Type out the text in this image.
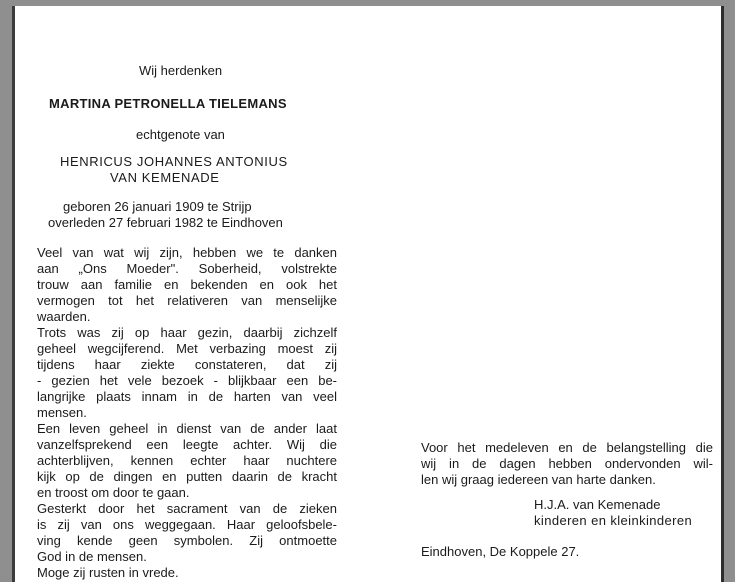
Wij herdenken
MARTINA PETRONELLA TIELEMANS
echtgenote van
HENRICUS JOHANNES ANTONIUS
VAN KEMENADE
geboren 26 januari 1909 te Strijp
overleden 27 februari 1982 te Eindhoven
Veel van wat wij zijn, hebben we te danken
aan „Ons Moeder". Soberheid, volstrekte
trouw aan familie en bekenden en ook het
vermogen tot het relativeren van menselijke
waarden.
Trots was zij op haar gezin, daarbij zichzelf
geheel wegcijferend. Met verbazing moest zij
tijdens haar ziekte constateren, dat zij
- gezien het vele bezoek - blijkbaar een be-
langrijke plaats innam in de harten van veel
mensen.
Een leven geheel in dienst van de ander laat
vanzelfsprekend een leegte achter. Wij die
achterblijven, kennen echter haar nuchtere
kijk op de dingen en putten daarin de kracht
en troost om door te gaan.
Gesterkt door het sacrament van de zieken
is zij van ons weggegaan. Haar geloofsbele-
ving kende geen symbolen. Zij ontmoette
God in de mensen.
Moge zij rusten in vrede.
Voor het medeleven en de belangstelling die
wij in de dagen hebben ondervonden wil-
len wij graag iedereen van harte danken.
H.J.A. van Kemenade
kinderen en kleinkinderen
Eindhoven, De Koppele 27.
